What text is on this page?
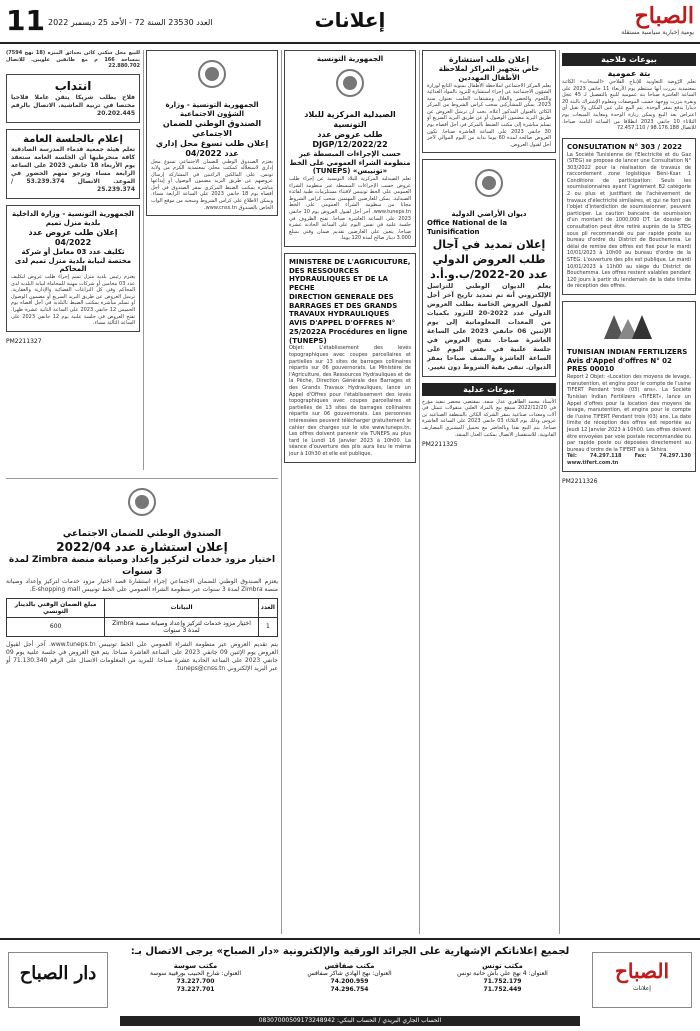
11 العدد 23530 السنة 72 - الأحد 25 ديسمبر 2022	إعلانات	الصباح
يومية إخبارية سياسية مستقلة
بيوعات فلاحية
بتة عمومية
تعلم الرّوضة التعاونية للإنتاج الفلاحي «السبخات» الكائنة بمعتمدية بنزرت أنها ستنظم يوم الأربعاء 11 جانفي 2023 على الساعة العاشرة صباحا بتة عمومية للبيع بالتفصيل لـ 45 عجل وبقرة بنزرت ووجهة حسب الموصفات ومعلوم الإشتراك بالبتة 20 دينارا يدفع بمقر الوحدة. يتم البيع على عين المكان ولا تقبل أي اعتراض بعد البيع ويمكن زيارة الوحدة ومعاينة المبيعات يوم الثلاثاء 10 جانفي 2023 انطلاقا من الساعة الثامنة صباحا. للاتصال 98.176.188 / 72.457.110
CONSULTATION N° 303 / 2022
La Société Tunisienne de l'Electricité et du Gaz (STEG) se propose de lancer une Consultation N° 303/2022 pour la réalisation de travaux de raccordement zone logistique Béni-Ksar. 1 Conditions de participation: Seuls les soumissionnaires ayant l'agrément B2 catégorie 2 ou plus et justifiant de l'achèvement de travaux d'électricité similaires, et qui ne font pas l'objet d'interdiction de soumissionner, peuvent participer. La caution bancaire de soumission d'un montant de 1000,000 DT. Le dossier de consultation peut être retiré auprès de la STEG sous pli recommandé ou par rapide poste au bureau d'ordre du District de Bouchemma. Le délai de remise des offres est fixé pour le mardi 10/01/2023 à 10h00 au bureau d'ordre de la STEG. L'ouverture des plis est publique. Le mardi 10/01/2023 à 11h00 au siège du District de Bouchemma. Les offres restent valables pendant 120 jours à partir du lendemain de la date limite de réception des offres.
TUNISIAN INDIAN FERTILIZERS
Avis d'Appel d'offres N° 02 PRES 00010
Report 2 Objet: «Location des moyens de levage, manutention, et engins pour le compte de l'usine TIFERT Pendant trois (03) ans». La Société Tunisian Indian Fertilizers «TIFERT», lance un Appel d'offres pour la location des moyens de levage, manutention, et engins pour le compte de l'usine TIFERT Pendant trois (03) ans. La date limite de réception des offres est reportée au Jeudi 12 Janvier 2023 à 10h00. Les offres doivent être envoyées par voie postale recommandée ou par rapide poste ou déposées directement au bureau d'ordre de la TIFERT sis à Skhira.
Tél: 74.297.118 Fax: 74.297.130 www.tifert.com.tn
PM2211326
إعلان طلب استشارة
خاص بتجهيز المراكز لملاحظة الأطفال المهددين
يعلم المركز الاجتماعي لملاحظة الأطفال بمنوبة التابع لوزارة الشؤون الاجتماعية عن إجراء استشارة للتزود بالمواد الغذائية واللحوم والخضر والغلال ومشتقات الحليب بعنوان سنة 2023. يمكن للمشاركين سحب كراس الشروط من المركز الكائن بالعنوان المذكور أعلاه. يجب أن ترسل العروض عن طريق البريد مضمون الوصول أو عن طريق البريد السريع أو تسلم مباشرة إلى مكتب الضبط بالمركز في أجل أقصاه يوم 30 جانفي 2023 على الساعة العاشرة صباحا. تكون العروض صالحة لمدة 60 يوما بداية من اليوم الموالي لآخر أجل لقبول العروض.
ديوان الأراضي الدولية
Office National de la Tunisification
إعلان تمديد في آجال طلب العروض الدولي عدد 20-2022/ب.و.أ.د
يعلم الديوان الوطني للتراسل الإلكتروني أنه تم تمديد تاريخ آخر أجل لقبول العروض الخاصة بطلب العروض الدولي عدد 2022-20 للتزود بكميات من المعدات المعلوماتية إلى يوم الإثنين 06 جانفي 2023 على الساعة العاشرة صباحا. تفتح العروض في جلسة علنية في نفس اليوم على الساعة العاشرة والنصف صباحا بمقر الديوان. تبقى بقية الشروط دون تغيير.
بيوعات عدلية
الأستاذ محمد الطاهري عدل منفذ. بمقتضى محضر تنفيذ مؤرخ في 2022/12/20 سيقع بيع بالمزاد العلني منقولات تتمثل في آلات ومعدات صناعية بمقر الشركة الكائن بالمنطقة الصناعية بن عروس وذلك يوم الثلاثاء 03 جانفي 2023 على الساعة العاشرة صباحا. يتم البيع نقدا وبالحاضر مع تحميل المشتري المصاريف القانونية. للاستفسار الاتصال بمكتب العدل المنفذ.
PM2211325
الجمهورية التونسية
الصيدلية المركزية للبلاد التونسية
طلب عروض عدد 22/DJGP/12/2022
حسب الإجراءات المبسطة عبر منظومة الشراء العمومي على الخط «تونيبس» (TUNEPS)
تعلم الصيدلية المركزية للبلاد التونسية عن إجراء طلب عروض حسب الإجراءات المبسطة عبر منظومة الشراء العمومي على الخط تونيبس لاقتناء مستلزمات طبية لفائدة الصيدلية. يمكن للعارضين المهتمين سحب كراس الشروط مجانا من منظومة الشراء العمومي على الخط www.tuneps.tn. آخر أجل لقبول العروض يوم 10 جانفي 2023 على الساعة العاشرة صباحا. تفتح الظروف في جلسة علنية في نفس اليوم على الساعة الحادية عشرة صباحا. يتعين على العارضين تقديم ضمان وقتي بمبلغ 3.000 دينار صالح لمدة 120 يوما.
MINISTERE DE L'AGRICULTURE, DES RESSOURCES HYDRAULIQUES ET DE LA PECHE
DIRECTION GENERALE DES BARRAGES ET DES GRANDS TRAVAUX HYDRAULIQUES
AVIS D'APPEL D'OFFRES N° 25/2022A Procédures en ligne (TUNEPS)
Objet: L'établissement des levés topographiques avec coupes parcellaires et partielles sur 13 sites de barrages collinaires répartis sur 06 gouvernorats. Le Ministère de l'Agriculture, des Ressources Hydrauliques et de la Pêche, Direction Générale des Barrages et des Grands Travaux Hydrauliques, lance un Appel d'Offres pour l'établissement des levés topographiques avec coupes parcellaires et partielles de 13 sites de barrages collinaires répartis sur 06 gouvernorats. Les personnes intéressées peuvent télécharger gratuitement le cahier des charges sur le site www.tuneps.tn. Les offres doivent parvenir via TUNEPS au plus tard le Lundi 16 Janvier 2023 à 10h00. La séance d'ouverture des plis aura lieu le même jour à 10h30 et elle est publique.
الجمهورية التونسية - وزارة الشؤون الاجتماعية
الصندوق الوطني للضمان الاجتماعي
إعلان طلب تسوغ محل إداري عدد 04/2022
يعتزم الصندوق الوطني للضمان الاجتماعي تسوغ محل إداري لاستغلاله كمكتب محلي بمعتمدية الكرم من ولاية تونس. على المالكين الراغبين في المشاركة إرسال عروضهم عن طريق البريد مضمون الوصول أو إيداعها مباشرة بمكتب الضبط المركزي بمقر الصندوق في أجل أقصاه يوم 18 جانفي 2023 على الساعة الرابعة مساء. ويمكن الاطلاع على كراس الشروط وسحبه من موقع الواب الخاص بالصندوق www.cnss.tn.
للبيع محل سكني كائن بحدائق المنزه (18 نهج 7594) بمساحة 166 م مع طابقين علويين. للاتصال 22.880.702
انتداب
فلاح يطلب شريكا يتقن عاملا فلاحيا مختصا في تربية الماشية. الاتصال بالرقم 20.202.445
إعلام بالجلسة العامة
تعلم هيئة جمعية قدماء المدرسة الصادقية كافة منخرطيها أن الجلسة العامة ستعقد يوم الأربعاء 18 جانفي 2023 على الساعة الرابعة مساء وترجو منهم الحضور في الموعد. الاتصال 53.239.374 / 25.239.374
الجمهورية التونسية - وزارة الداخلية
بلدية منزل تميم
إعلان طلب عروض عدد 04/2022
تكليف عدد 03 معامل أو شركة مختصة لنيابة بلدية منزل تميم لدى المحاكم
يعتزم رئيس بلدية منزل تميم إجراء طلب عروض لتكليف عدد 03 محامين أو شركات مهنية للمحاماة لنيابة البلدية لدى المحاكم وفي كل النزاعات القضائية والإدارية والعقارية. ترسل العروض عن طريق البريد السريع أو مضمون الوصول أو تسلم مباشرة بمكتب الضبط بالبلدية في أجل أقصاه يوم الخميس 12 جانفي 2023 على الساعة الثانية عشرة ظهرا. تفتح العروض في جلسة علنية يوم 12 جانفي 2023 على الساعة الثالثة مساء.
PM2211327
الصندوق الوطني للضمان الاجتماعي
إعلان استشارة عدد 2022/04
اختيار مزود خدمات لتركيز وإعداد وصيانة منصة Zimbra لمدة 3 سنوات
يعتزم الصندوق الوطني للضمان الاجتماعي إجراء استشارة قصد اختيار مزود خدمات لتركيز وإعداد وصيانة منصة Zimbra لمدة 3 سنوات عبر منظومة الشراء العمومي على الخط تونيبس E-shopping mall.
العدد	البيانات	مبلغ الضمان الوقتي بالدينار التونسي
1	اختيار مزود خدمات لتركيز وإعداد وصيانة منصة Zimbra لمدة 3 سنوات	600
يتم تقديم العروض عبر منظومة الشراء العمومي على الخط تونيبس www.tuneps.tn. آخر أجل لقبول العروض يوم الإثنين 09 جانفي 2023 على الساعة العاشرة صباحا. يتم فتح العروض في جلسة علنية يوم 09 جانفي 2023 على الساعة الحادية عشرة صباحا. للمزيد من المعلومات الاتصال على الرقم 71.130.340 أو عبر البريد الإلكتروني tuneps@cnss.tn.
لجميع إعلاناتكم الإشهارية على الجرائد الورقية والإلكترونية «دار الصباح» يرجى الاتصال بـ:
الصباح
إعلانات
مكتب تونس
العنوان: 4 نهج علي باش حانبة تونس
71.752.179
71.752.449
مكتب صفاقس
العنوان: نهج الهادي شاكر صفاقس
74.200.959
74.296.754
مكتب سوسة
العنوان: شارع الحبيب بورقيبة سوسة
73.227.700
73.227.701
دار الصباح
الحساب الجاري البريدي / الحساب البنكي: 08307000509173248942
